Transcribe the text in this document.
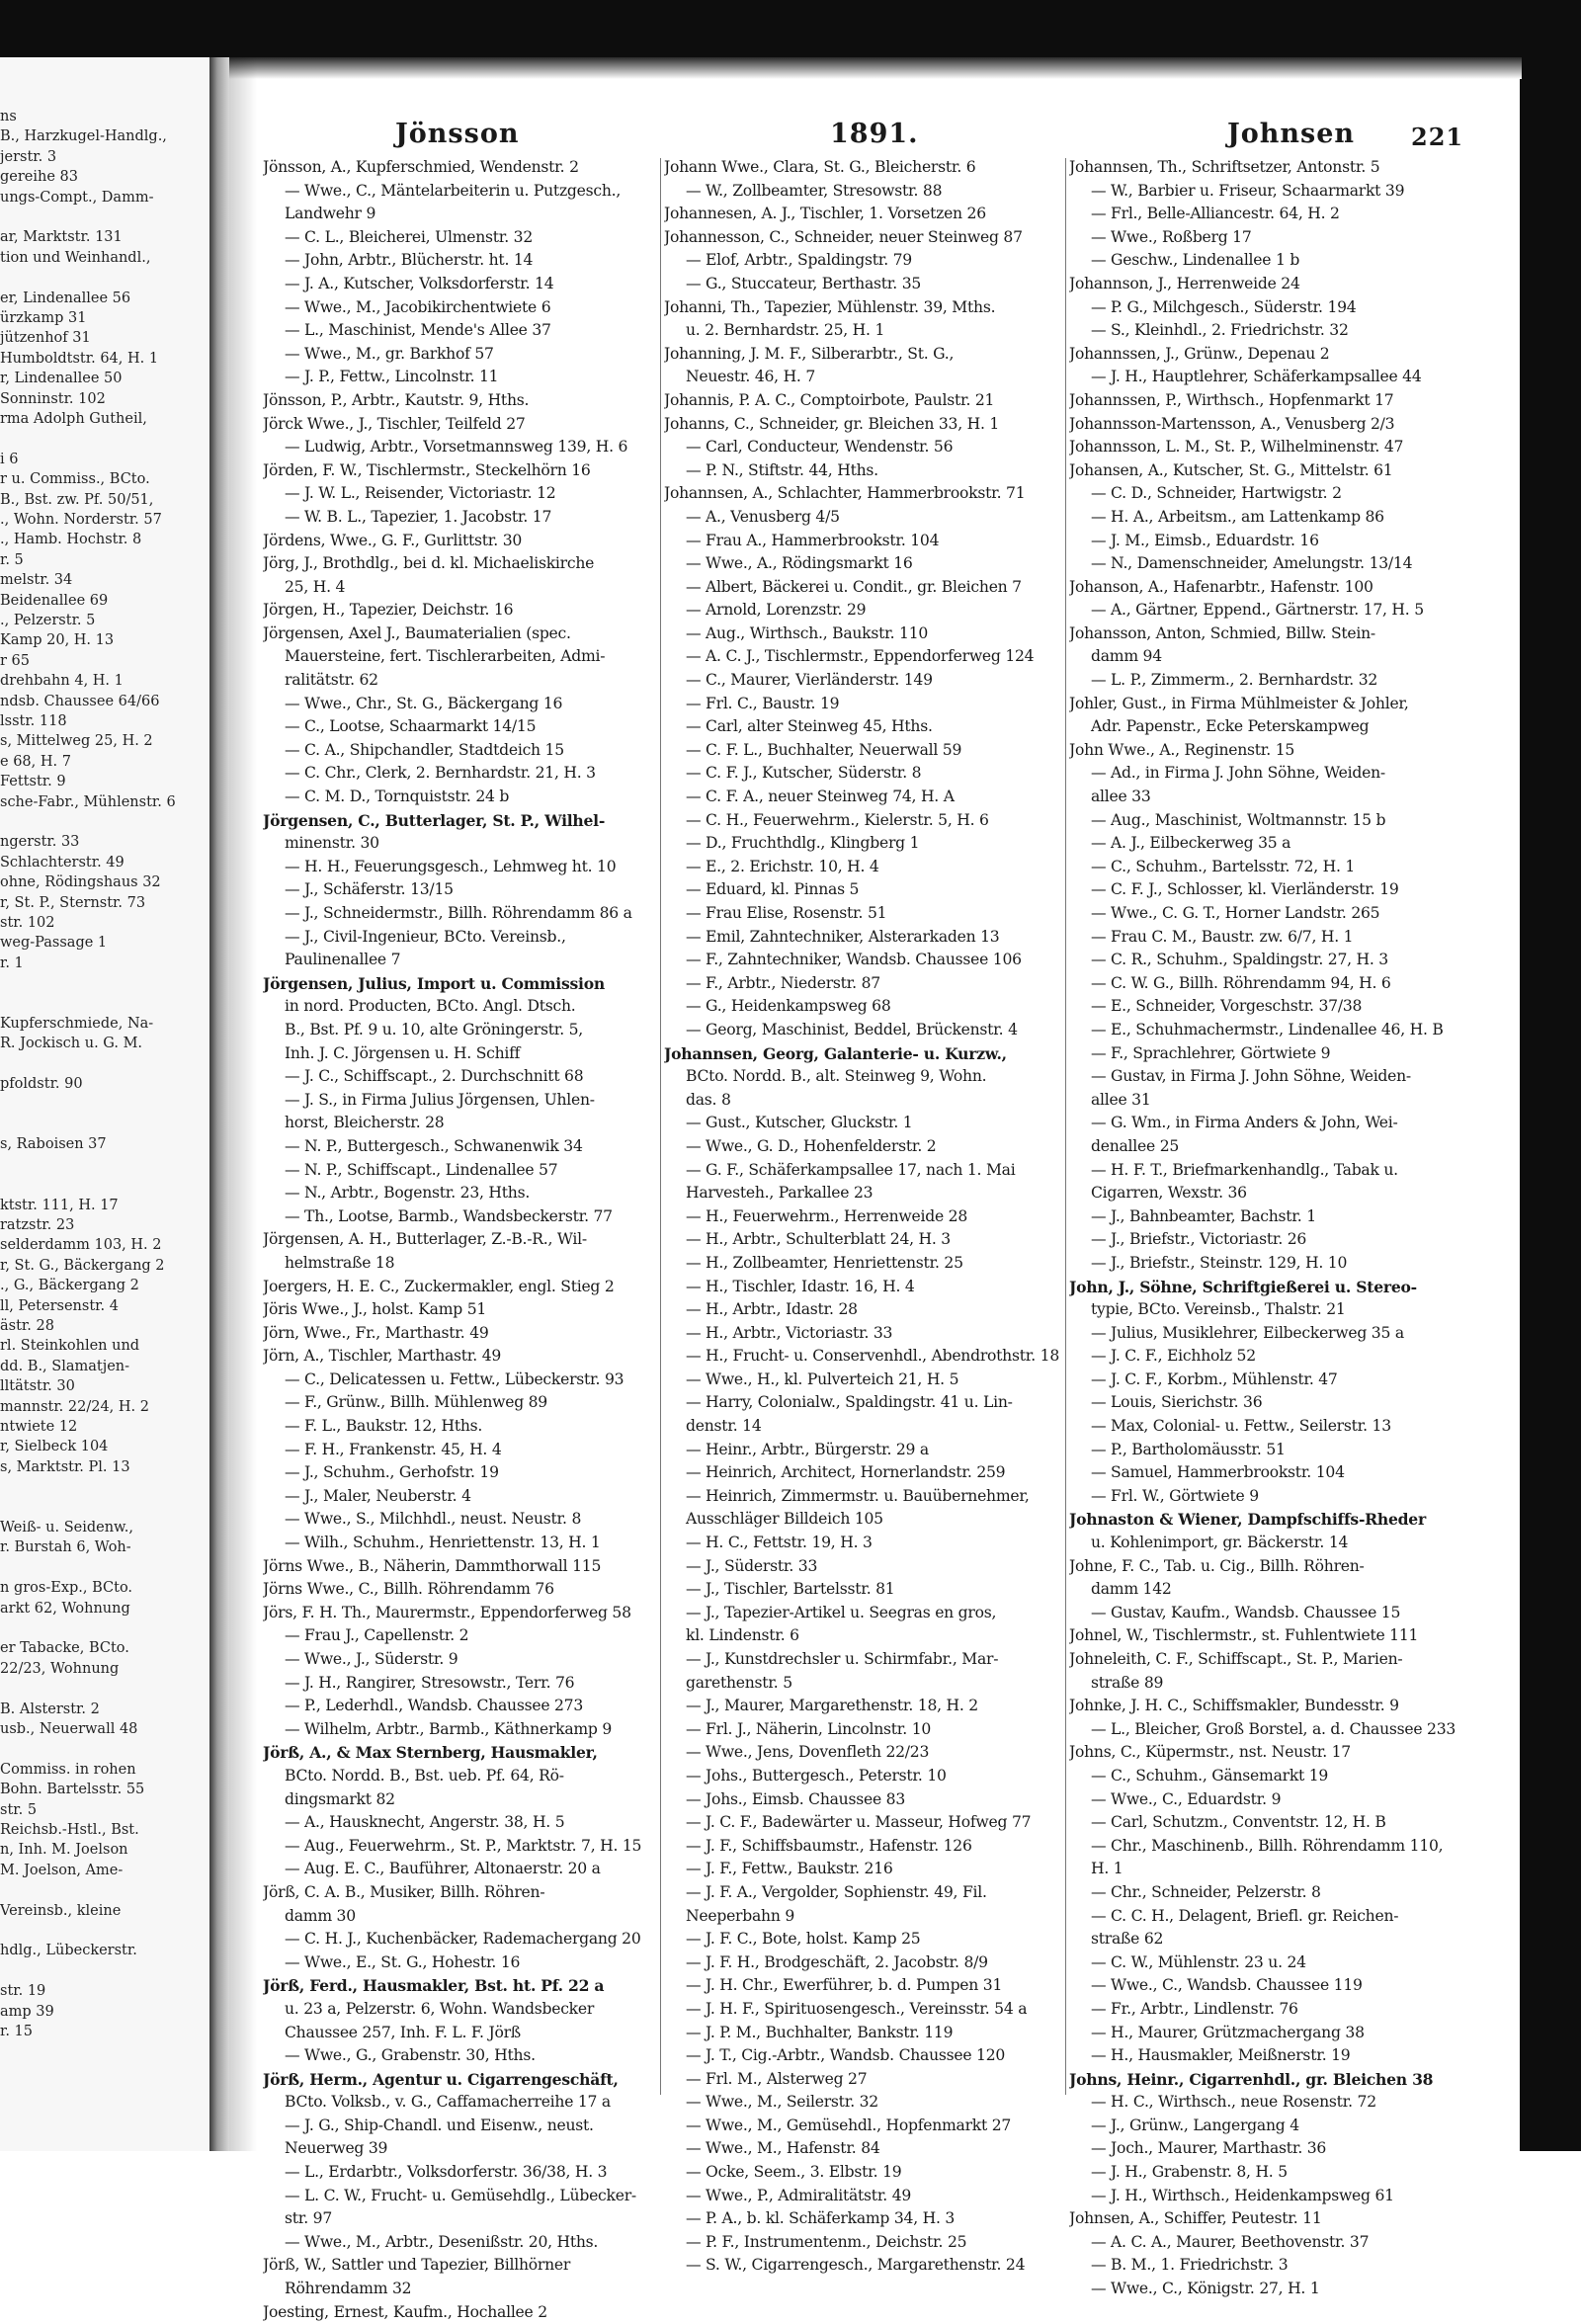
ns
B., Harzkugel-Handlg.,
jerstr. 3
gereihe 83
ungs-Compt., Damm-
ar, Marktstr. 131
tion und Weinhandl.,
er, Lindenallee 56
ürzkamp 31
jützenhof 31
Humboldtstr. 64, H. 1
r, Lindenallee 50
Sonninstr. 102
rma Adolph Gutheil,
i 6
r u. Commiss., BCto.
B., Bst. zw. Pf. 50/51,
., Wohn. Norderstr. 57
., Hamb. Hochstr. 8
r. 5
melstr. 34
Beidenallee 69
., Pelzerstr. 5
Kamp 20, H. 13
r 65
drehbahn 4, H. 1
ndsb. Chaussee 64/66
lsstr. 118
s, Mittelweg 25, H. 2
e 68, H. 7
Fettstr. 9
sche-Fabr., Mühlenstr. 6
ngerstr. 33
Schlachterstr. 49
ohne, Rödingshaus 32
r, St. P., Sternstr. 73
str. 102
weg-Passage 1
r. 1
Kupferschmiede, Na-
R. Jockisch u. G. M.
pfoldstr. 90
s, Raboisen 37
ktstr. 111, H. 17
ratzstr. 23
selderdamm 103, H. 2
r, St. G., Bäckergang 2
., G., Bäckergang 2
ll, Petersenstr. 4
ästr. 28
rl. Steinkohlen und
dd. B., Slamatjen-
lltätstr. 30
mannstr. 22/24, H. 2
ntwiete 12
r, Sielbeck 104
s, Marktstr. Pl. 13
Weiß- u. Seidenw.,
r. Burstah 6, Woh-
n gros-Exp., BCto.
arkt 62, Wohnung
er Tabacke, BCto.
22/23, Wohnung
B. Alsterstr. 2
usb., Neuerwall 48
Commiss. in rohen
Bohn. Bartelsstr. 55
str. 5
Reichsb.-Hstl., Bst.
n, Inh. M. Joelson
M. Joelson, Ame-
Vereinsb., kleine
hdlg., Lübeckerstr.
str. 19
amp 39
r. 15
Jönsson	1891.	Johnsen 221
Jönsson, A., Kupferschmied, Wendenstr. 2
— Wwe., C., Mäntelarbeiterin u. Putzgesch.,
Landwehr 9
— C. L., Bleicherei, Ulmenstr. 32
— John, Arbtr., Blücherstr. ht. 14
— J. A., Kutscher, Volksdorferstr. 14
— Wwe., M., Jacobikirchentwiete 6
— L., Maschinist, Mende's Allee 37
— Wwe., M., gr. Barkhof 57
— J. P., Fettw., Lincolnstr. 11
Jönsson, P., Arbtr., Kautstr. 9, Hths.
Jörck Wwe., J., Tischler, Teilfeld 27
— Ludwig, Arbtr., Vorsetmannsweg 139, H. 6
Jörden, F. W., Tischlermstr., Steckelhörn 16
— J. W. L., Reisender, Victoriastr. 12
— W. B. L., Tapezier, 1. Jacobstr. 17
Jördens, Wwe., G. F., Gurlittstr. 30
Jörg, J., Brothdlg., bei d. kl. Michaeliskirche
25, H. 4
Jörgen, H., Tapezier, Deichstr. 16
Jörgensen, Axel J., Baumaterialien (spec.
Mauersteine, fert. Tischlerarbeiten, Admi-
ralitätstr. 62
— Wwe., Chr., St. G., Bäckergang 16
— C., Lootse, Schaarmarkt 14/15
— C. A., Shipchandler, Stadtdeich 15
— C. Chr., Clerk, 2. Bernhardstr. 21, H. 3
— C. M. D., Tornquiststr. 24 b
Jörgensen, C., Butterlager, St. P., Wilhel-
minenstr. 30
— H. H., Feuerungsgesch., Lehmweg ht. 10
— J., Schäferstr. 13/15
— J., Schneidermstr., Billh. Röhrendamm 86 a
— J., Civil-Ingenieur, BCto. Vereinsb.,
Paulinenallee 7
Jörgensen, Julius, Import u. Commission
in nord. Producten, BCto. Angl. Dtsch.
B., Bst. Pf. 9 u. 10, alte Gröningerstr. 5,
Inh. J. C. Jörgensen u. H. Schiff
— J. C., Schiffscapt., 2. Durchschnitt 68
— J. S., in Firma Julius Jörgensen, Uhlen-
horst, Bleicherstr. 28
— N. P., Buttergesch., Schwanenwik 34
— N. P., Schiffscapt., Lindenallee 57
— N., Arbtr., Bogenstr. 23, Hths.
— Th., Lootse, Barmb., Wandsbeckerstr. 77
Jörgensen, A. H., Butterlager, Z.-B.-R., Wil-
helmstraße 18
Joergers, H. E. C., Zuckermakler, engl. Stieg 2
Jöris Wwe., J., holst. Kamp 51
Jörn, Wwe., Fr., Marthastr. 49
Jörn, A., Tischler, Marthastr. 49
— C., Delicatessen u. Fettw., Lübeckerstr. 93
— F., Grünw., Billh. Mühlenweg 89
— F. L., Baukstr. 12, Hths.
— F. H., Frankenstr. 45, H. 4
— J., Schuhm., Gerhofstr. 19
— J., Maler, Neuberstr. 4
— Wwe., S., Milchhdl., neust. Neustr. 8
— Wilh., Schuhm., Henriettenstr. 13, H. 1
Jörns Wwe., B., Näherin, Dammthorwall 115
Jörns Wwe., C., Billh. Röhrendamm 76
Jörs, F. H. Th., Maurermstr., Eppendorferweg 58
— Frau J., Capellenstr. 2
— Wwe., J., Süderstr. 9
— J. H., Rangirer, Stresowstr., Terr. 76
— P., Lederhdl., Wandsb. Chaussee 273
— Wilhelm, Arbtr., Barmb., Käthnerkamp 9
Jörß, A., & Max Sternberg, Hausmakler,
BCto. Nordd. B., Bst. ueb. Pf. 64, Rö-
dingsmarkt 82
— A., Hausknecht, Angerstr. 38, H. 5
— Aug., Feuerwehrm., St. P., Marktstr. 7, H. 15
— Aug. E. C., Bauführer, Altonaerstr. 20 a
Jörß, C. A. B., Musiker, Billh. Röhren-
damm 30
— C. H. J., Kuchenbäcker, Rademachergang 20
— Wwe., E., St. G., Hohestr. 16
Jörß, Ferd., Hausmakler, Bst. ht. Pf. 22 a
u. 23 a, Pelzerstr. 6, Wohn. Wandsbecker
Chaussee 257, Inh. F. L. F. Jörß
— Wwe., G., Grabenstr. 30, Hths.
Jörß, Herm., Agentur u. Cigarrengeschäft,
BCto. Volksb., v. G., Caffamacherreihe 17 a
— J. G., Ship-Chandl. und Eisenw., neust.
Neuerweg 39
— L., Erdarbtr., Volksdorferstr. 36/38, H. 3
— L. C. W., Frucht- u. Gemüsehdlg., Lübecker-
str. 97
— Wwe., M., Arbtr., Desenißstr. 20, Hths.
Jörß, W., Sattler und Tapezier, Billhörner
Röhrendamm 32
Joesting, Ernest, Kaufm., Hochallee 2
Johann Wwe., Clara, St. G., Bleicherstr. 6
— W., Zollbeamter, Stresowstr. 88
Johannesen, A. J., Tischler, 1. Vorsetzen 26
Johannesson, C., Schneider, neuer Steinweg 87
— Elof, Arbtr., Spaldingstr. 79
— G., Stuccateur, Berthastr. 35
Johanni, Th., Tapezier, Mühlenstr. 39, Mths.
u. 2. Bernhardstr. 25, H. 1
Johanning, J. M. F., Silberarbtr., St. G.,
Neuestr. 46, H. 7
Johannis, P. A. C., Comptoirbote, Paulstr. 21
Johanns, C., Schneider, gr. Bleichen 33, H. 1
— Carl, Conducteur, Wendenstr. 56
— P. N., Stiftstr. 44, Hths.
Johannsen, A., Schlachter, Hammerbrookstr. 71
— A., Venusberg 4/5
— Frau A., Hammerbrookstr. 104
— Wwe., A., Rödingsmarkt 16
— Albert, Bäckerei u. Condit., gr. Bleichen 7
— Arnold, Lorenzstr. 29
— Aug., Wirthsch., Baukstr. 110
— A. C. J., Tischlermstr., Eppendorferweg 124
— C., Maurer, Vierländerstr. 149
— Frl. C., Baustr. 19
— Carl, alter Steinweg 45, Hths.
— C. F. L., Buchhalter, Neuerwall 59
— C. F. J., Kutscher, Süderstr. 8
— C. F. A., neuer Steinweg 74, H. A
— C. H., Feuerwehrm., Kielerstr. 5, H. 6
— D., Fruchthdlg., Klingberg 1
— E., 2. Erichstr. 10, H. 4
— Eduard, kl. Pinnas 5
— Frau Elise, Rosenstr. 51
— Emil, Zahntechniker, Alsterarkaden 13
— F., Zahntechniker, Wandsb. Chaussee 106
— F., Arbtr., Niederstr. 87
— G., Heidenkampsweg 68
— Georg, Maschinist, Beddel, Brückenstr. 4
Johannsen, Georg, Galanterie- u. Kurzw.,
BCto. Nordd. B., alt. Steinweg 9, Wohn.
das. 8
— Gust., Kutscher, Gluckstr. 1
— Wwe., G. D., Hohenfelderstr. 2
— G. F., Schäferkampsallee 17, nach 1. Mai
Harvesteh., Parkallee 23
— H., Feuerwehrm., Herrenweide 28
— H., Arbtr., Schulterblatt 24, H. 3
— H., Zollbeamter, Henriettenstr. 25
— H., Tischler, Idastr. 16, H. 4
— H., Arbtr., Idastr. 28
— H., Arbtr., Victoriastr. 33
— H., Frucht- u. Conservenhdl., Abendrothstr. 18
— Wwe., H., kl. Pulverteich 21, H. 5
— Harry, Colonialw., Spaldingstr. 41 u. Lin-
denstr. 14
— Heinr., Arbtr., Bürgerstr. 29 a
— Heinrich, Architect, Hornerlandstr. 259
— Heinrich, Zimmermstr. u. Bauübernehmer,
Ausschläger Billdeich 105
— H. C., Fettstr. 19, H. 3
— J., Süderstr. 33
— J., Tischler, Bartelsstr. 81
— J., Tapezier-Artikel u. Seegras en gros,
kl. Lindenstr. 6
— J., Kunstdrechsler u. Schirmfabr., Mar-
garethenstr. 5
— J., Maurer, Margarethenstr. 18, H. 2
— Frl. J., Näherin, Lincolnstr. 10
— Wwe., Jens, Dovenfleth 22/23
— Johs., Buttergesch., Peterstr. 10
— Johs., Eimsb. Chaussee 83
— J. C. F., Badewärter u. Masseur, Hofweg 77
— J. F., Schiffsbaumstr., Hafenstr. 126
— J. F., Fettw., Baukstr. 216
— J. F. A., Vergolder, Sophienstr. 49, Fil.
Neeperbahn 9
— J. F. C., Bote, holst. Kamp 25
— J. F. H., Brodgeschäft, 2. Jacobstr. 8/9
— J. H. Chr., Ewerführer, b. d. Pumpen 31
— J. H. F., Spirituosengesch., Vereinsstr. 54 a
— J. P. M., Buchhalter, Bankstr. 119
— J. T., Cig.-Arbtr., Wandsb. Chaussee 120
— Frl. M., Alsterweg 27
— Wwe., M., Seilerstr. 32
— Wwe., M., Gemüsehdl., Hopfenmarkt 27
— Wwe., M., Hafenstr. 84
— Ocke, Seem., 3. Elbstr. 19
— Wwe., P., Admiralitätstr. 49
— P. A., b. kl. Schäferkamp 34, H. 3
— P. F., Instrumentenm., Deichstr. 25
— S. W., Cigarrengesch., Margarethenstr. 24
Johannsen, Th., Schriftsetzer, Antonstr. 5
— W., Barbier u. Friseur, Schaarmarkt 39
— Frl., Belle-Alliancestr. 64, H. 2
— Wwe., Roßberg 17
— Geschw., Lindenallee 1 b
Johannson, J., Herrenweide 24
— P. G., Milchgesch., Süderstr. 194
— S., Kleinhdl., 2. Friedrichstr. 32
Johannssen, J., Grünw., Depenau 2
— J. H., Hauptlehrer, Schäferkampsallee 44
Johannssen, P., Wirthsch., Hopfenmarkt 17
Johannsson-Martensson, A., Venusberg 2/3
Johannsson, L. M., St. P., Wilhelminenstr. 47
Johansen, A., Kutscher, St. G., Mittelstr. 61
— C. D., Schneider, Hartwigstr. 2
— H. A., Arbeitsm., am Lattenkamp 86
— J. M., Eimsb., Eduardstr. 16
— N., Damenschneider, Amelungstr. 13/14
Johanson, A., Hafenarbtr., Hafenstr. 100
— A., Gärtner, Eppend., Gärtnerstr. 17, H. 5
Johansson, Anton, Schmied, Billw. Stein-
damm 94
— L. P., Zimmerm., 2. Bernhardstr. 32
Johler, Gust., in Firma Mühlmeister & Johler,
Adr. Papenstr., Ecke Peterskampweg
John Wwe., A., Reginenstr. 15
— Ad., in Firma J. John Söhne, Weiden-
allee 33
— Aug., Maschinist, Woltmannstr. 15 b
— A. J., Eilbeckerweg 35 a
— C., Schuhm., Bartelsstr. 72, H. 1
— C. F. J., Schlosser, kl. Vierländerstr. 19
— Wwe., C. G. T., Horner Landstr. 265
— Frau C. M., Baustr. zw. 6/7, H. 1
— C. R., Schuhm., Spaldingstr. 27, H. 3
— C. W. G., Billh. Röhrendamm 94, H. 6
— E., Schneider, Vorgeschstr. 37/38
— E., Schuhmachermstr., Lindenallee 46, H. B
— F., Sprachlehrer, Görtwiete 9
— Gustav, in Firma J. John Söhne, Weiden-
allee 31
— G. Wm., in Firma Anders & John, Wei-
denallee 25
— H. F. T., Briefmarkenhandlg., Tabak u.
Cigarren, Wexstr. 36
— J., Bahnbeamter, Bachstr. 1
— J., Briefstr., Victoriastr. 26
— J., Briefstr., Steinstr. 129, H. 10
John, J., Söhne, Schriftgießerei u. Stereo-
typie, BCto. Vereinsb., Thalstr. 21
— Julius, Musiklehrer, Eilbeckerweg 35 a
— J. C. F., Eichholz 52
— J. C. F., Korbm., Mühlenstr. 47
— Louis, Sierichstr. 36
— Max, Colonial- u. Fettw., Seilerstr. 13
— P., Bartholomäusstr. 51
— Samuel, Hammerbrookstr. 104
— Frl. W., Görtwiete 9
Johnaston & Wiener, Dampfschiffs-Rheder
u. Kohlenimport, gr. Bäckerstr. 14
Johne, F. C., Tab. u. Cig., Billh. Röhren-
damm 142
— Gustav, Kaufm., Wandsb. Chaussee 15
Johnel, W., Tischlermstr., st. Fuhlentwiete 111
Johneleith, C. F., Schiffscapt., St. P., Marien-
straße 89
Johnke, J. H. C., Schiffsmakler, Bundesstr. 9
— L., Bleicher, Groß Borstel, a. d. Chaussee 233
Johns, C., Küpermstr., nst. Neustr. 17
— C., Schuhm., Gänsemarkt 19
— Wwe., C., Eduardstr. 9
— Carl, Schutzm., Conventstr. 12, H. B
— Chr., Maschinenb., Billh. Röhrendamm 110,
H. 1
— Chr., Schneider, Pelzerstr. 8
— C. C. H., Delagent, Briefl. gr. Reichen-
straße 62
— C. W., Mühlenstr. 23 u. 24
— Wwe., C., Wandsb. Chaussee 119
— Fr., Arbtr., Lindlenstr. 76
— H., Maurer, Grützmachergang 38
— H., Hausmakler, Meißnerstr. 19
Johns, Heinr., Cigarrenhdl., gr. Bleichen 38
— H. C., Wirthsch., neue Rosenstr. 72
— J., Grünw., Langergang 4
— Joch., Maurer, Marthastr. 36
— J. H., Grabenstr. 8, H. 5
— J. H., Wirthsch., Heidenkampsweg 61
Johnsen, A., Schiffer, Peutestr. 11
— A. C. A., Maurer, Beethovenstr. 37
— B. M., 1. Friedrichstr. 3
— Wwe., C., Königstr. 27, H. 1
